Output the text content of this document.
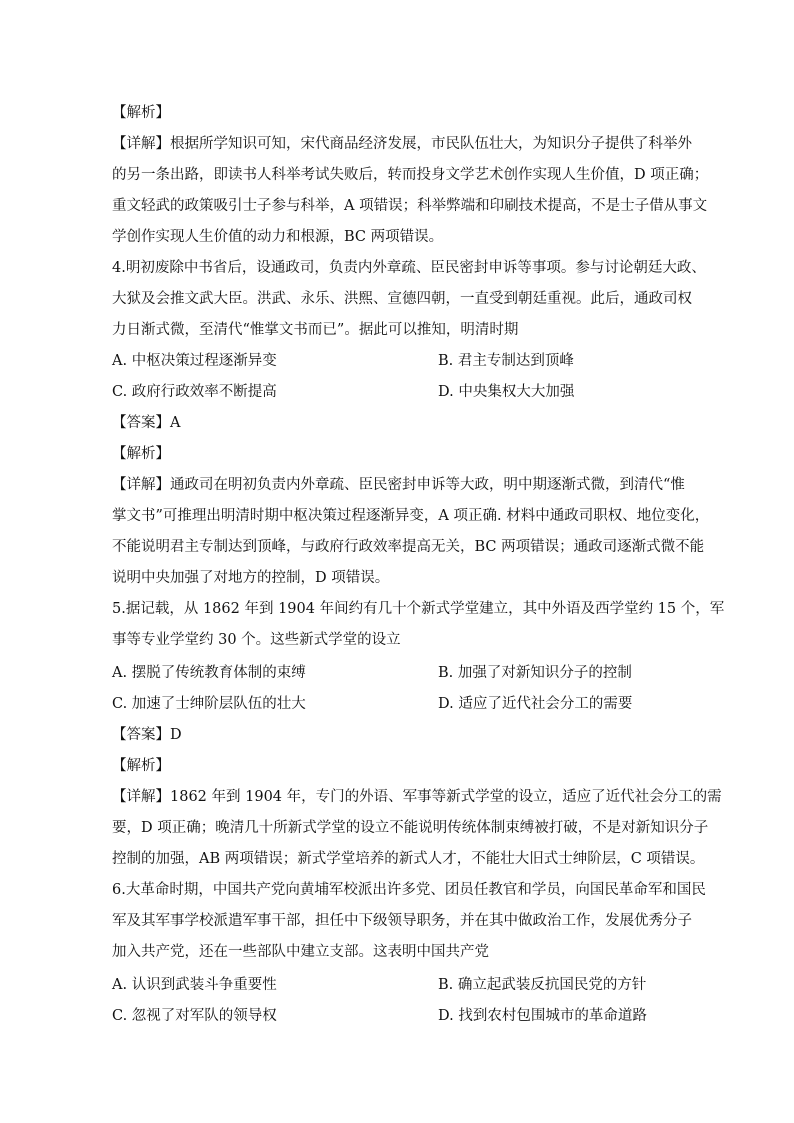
【解析】
【详解】根据所学知识可知，宋代商品经济发展，市民队伍壮大，为知识分子提供了科举外
的另一条出路，即读书人科举考试失败后，转而投身文学艺术创作实现人生价值，D 项正确；
重文轻武的政策吸引士子参与科举，A 项错误；科举弊端和印刷技术提高，不是士子借从事文
学创作实现人生价值的动力和根源，BC 两项错误。
4.明初废除中书省后，设通政司，负责内外章疏、臣民密封申诉等事项。参与讨论朝廷大政、
大狱及会推文武大臣。洪武、永乐、洪熙、宣德四朝，一直受到朝廷重视。此后，通政司权
力日渐式微，至清代“惟掌文书而已”。据此可以推知，明清时期
A. 中枢决策过程逐渐异变	B. 君主专制达到顶峰
C. 政府行政效率不断提高	D. 中央集权大大加强
【答案】A
【解析】
【详解】通政司在明初负责内外章疏、臣民密封申诉等大政，明中期逐渐式微，到清代“惟
掌文书”可推理出明清时期中枢决策过程逐渐异变，A 项正确. 材料中通政司职权、地位变化，
不能说明君主专制达到顶峰，与政府行政效率提高无关，BC 两项错误；通政司逐渐式微不能
说明中央加强了对地方的控制，D 项错误。
5.据记载，从 1862 年到 1904 年间约有几十个新式学堂建立，其中外语及西学堂约 15 个，军
事等专业学堂约 30 个。这些新式学堂的设立
A. 摆脱了传统教育体制的束缚	B. 加强了对新知识分子的控制
C. 加速了士绅阶层队伍的壮大	D. 适应了近代社会分工的需要
【答案】D
【解析】
【详解】1862 年到 1904 年，专门的外语、军事等新式学堂的设立，适应了近代社会分工的需
要，D 项正确；晚清几十所新式学堂的设立不能说明传统体制束缚被打破，不是对新知识分子
控制的加强，AB 两项错误；新式学堂培养的新式人才，不能壮大旧式士绅阶层，C 项错误。
6.大革命时期，中国共产党向黄埔军校派出许多党、团员任教官和学员，向国民革命军和国民
军及其军事学校派遣军事干部，担任中下级领导职务，并在其中做政治工作，发展优秀分子
加入共产党，还在一些部队中建立支部。这表明中国共产党
A. 认识到武装斗争重要性	B. 确立起武装反抗国民党的方针
C. 忽视了对军队的领导权	D. 找到农村包围城市的革命道路
